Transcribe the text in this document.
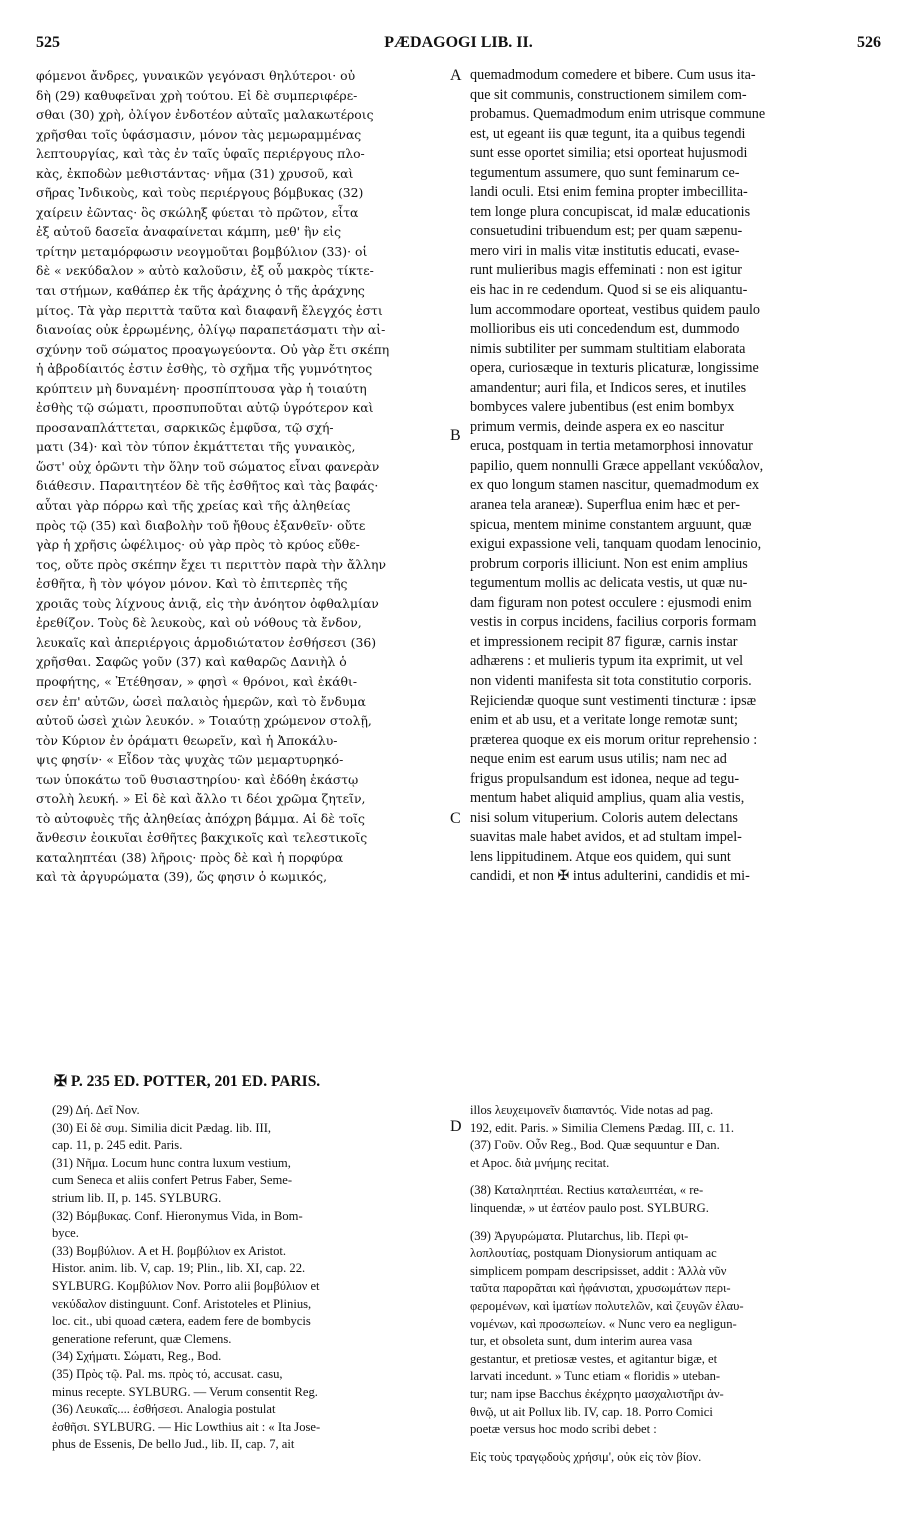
525	PÆDAGOGI LIB. II.	526
A
B
C
D
φόμενοι ἄνδρες, γυναικῶν γεγόνασι θηλύτεροι· οὐ
δὴ (29) καθυφεῖναι χρὴ τούτου. Εἰ δὲ συμπεριφέρε-
σθαι (30) χρὴ, ὀλίγον ἐνδοτέον αὐταῖς μαλακωτέροις
χρῆσθαι τοῖς ὑφάσμασιν, μόνον τὰς μεμωραμμένας
λεπτουργίας, καὶ τὰς ἐν ταῖς ὑφαῖς περιέργους πλο-
κὰς, ἐκποδὼν μεθιστάντας· νῆμα (31) χρυσοῦ, καὶ
σῆρας Ἰνδικοὺς, καὶ τοὺς περιέργους βόμβυκας (32)
χαίρειν ἐῶντας· ὃς σκώληξ φύεται τὸ πρῶτον, εἶτα
ἐξ αὐτοῦ δασεῖα ἀναφαίνεται κάμπη, μεθ' ἣν εἰς
τρίτην μεταμόρφωσιν νεογμοῦται βομβύλιον (33)· οἱ
δὲ « νεκύδαλον » αὐτὸ καλοῦσιν, ἐξ οὗ μακρὸς τίκτε-
ται στήμων, καθάπερ ἐκ τῆς ἀράχνης ὁ τῆς ἀράχνης
μίτος. Τὰ γὰρ περιττὰ ταῦτα καὶ διαφανῆ ἔλεγχός ἐστι
διανοίας οὐκ ἐρρωμένης, ὀλίγῳ παραπετάσματι τὴν αἰ-
σχύνην τοῦ σώματος προαγωγεύοντα. Οὐ γὰρ ἔτι σκέπη
ἡ ἀβροδίαιτός ἐστιν ἐσθὴς, τὸ σχῆμα τῆς γυμνότητος
κρύπτειν μὴ δυναμένη· προσπίπτουσα γὰρ ἡ τοιαύτη
ἐσθὴς τῷ σώματι, προσπυποῦται αὐτῷ ὑγρότερον καὶ
προσαναπλάττεται, σαρκικῶς ἐμφῦσα, τῷ σχή-
ματι (34)· καὶ τὸν τύπον ἐκμάττεται τῆς γυναικὸς,
ὥστ' οὐχ ὁρῶντι τὴν ὅλην τοῦ σώματος εἶναι φανερὰν
διάθεσιν. Παραιτητέον δὲ τῆς ἐσθῆτος καὶ τὰς βαφάς·
αὗται γὰρ πόρρω καὶ τῆς χρείας καὶ τῆς ἀληθείας
πρὸς τῷ (35) καὶ διαβολὴν τοῦ ἤθους ἐξανθεῖν· οὔτε
γὰρ ἡ χρῆσις ὠφέλιμος· οὐ γὰρ πρὸς τὸ κρύος εὔθε-
τος, οὔτε πρὸς σκέπην ἔχει τι περιττὸν παρὰ τὴν ἄλλην
ἐσθῆτα, ἢ τὸν ψόγον μόνον. Καὶ τὸ ἐπιτερπὲς τῆς
χροιᾶς τοὺς λίχνους ἀνιᾷ, εἰς τὴν ἀνόητον ὀφθαλμίαν
ἐρεθίζον. Τοὺς δὲ λευκοὺς, καὶ οὐ νόθους τὰ ἔνδον,
λευκαῖς καὶ ἀπεριέργοις ἁρμοδιώτατον ἐσθήσεσι (36)
χρῆσθαι. Σαφῶς γοῦν (37) καὶ καθαρῶς Δανιὴλ ὁ
προφήτης, « Ἐτέθησαν, » φησὶ « θρόνοι, καὶ ἐκάθι-
σεν ἐπ' αὐτῶν, ὡσεὶ παλαιὸς ἡμερῶν, καὶ τὸ ἔνδυμα
αὐτοῦ ὡσεὶ χιὼν λευκόν. » Τοιαύτῃ χρώμενον στολῇ,
τὸν Κύριον ἐν ὁράματι θεωρεῖν, καὶ ἡ Ἀποκάλυ-
ψις φησίν· « Εἶδον τὰς ψυχὰς τῶν μεμαρτυρηκό-
των ὑποκάτω τοῦ θυσιαστηρίου· καὶ ἐδόθη ἑκάστῳ
στολὴ λευκή. » Εἰ δὲ καὶ ἄλλο τι δέοι χρῶμα ζητεῖν,
τὸ αὐτοφυὲς τῆς ἀληθείας ἀπόχρη βάμμα. Αἱ δὲ τοῖς
ἄνθεσιν ἐοικυῖαι ἐσθῆτες βακχικοῖς καὶ τελεστικοῖς
καταληπτέαι (38) λῆροις· πρὸς δὲ καὶ ἡ πορφύρα
καὶ τὰ ἀργυρώματα (39), ὥς φησιν ὁ κωμικός,
quemadmodum comedere et bibere. Cum usus ita-
que sit communis, constructionem similem com-
probamus. Quemadmodum enim utrisque commune
est, ut egeant iis quæ tegunt, ita a quibus tegendi
sunt esse oportet similia; etsi oporteat hujusmodi
tegumentum assumere, quo sunt feminarum ce-
landi oculi. Etsi enim femina propter imbecillita-
tem longe plura concupiscat, id malæ educationis
consuetudini tribuendum est; per quam sæpenu-
mero viri in malis vitæ institutis educati, evase-
runt mulieribus magis effeminati : non est igitur
eis hac in re cedendum. Quod si se eis aliquantu-
lum accommodare oporteat, vestibus quidem paulo
mollioribus eis uti concedendum est, dummodo
nimis subtiliter per summam stultitiam elaborata
opera, curiosæque in texturis plicaturæ, longissime
amandentur; auri fila, et Indicos seres, et inutiles
bombyces valere jubentibus (est enim bombyx
primum vermis, deinde aspera ex eo nascitur
eruca, postquam in tertia metamorphosi innovatur
papilio, quem nonnulli Græce appellant νεκύδαλον,
ex quo longum stamen nascitur, quemadmodum ex
aranea tela araneæ). Superflua enim hæc et per-
spicua, mentem minime constantem arguunt, quæ
exigui expassione veli, tanquam quodam lenocinio,
probrum corporis illiciunt. Non est enim amplius
tegumentum mollis ac delicata vestis, ut quæ nu-
dam figuram non potest occulere : ejusmodi enim
vestis in corpus incidens, facilius corporis formam
et impressionem recipit 87 figuræ, carnis instar
adhærens : et mulieris typum ita exprimit, ut vel
non videnti manifesta sit tota constitutio corporis.
Rejiciendæ quoque sunt vestimenti tincturæ : ipsæ
enim et ab usu, et a veritate longe remotæ sunt;
præterea quoque ex eis morum oritur reprehensio :
neque enim est earum usus utilis; nam nec ad
frigus propulsandum est idonea, neque ad tegu-
mentum habet aliquid amplius, quam alia vestis,
nisi solum vituperium. Coloris autem delectans
suavitas male habet avidos, et ad stultam impel-
lens lippitudinem. Atque eos quidem, qui sunt
candidi, et non ✠ intus adulterini, candidis et mi-
✠ P. 235 ED. POTTER, 201 ED. PARIS.
(29) Δή. Δεῖ Nov.
(30) Εἰ δὲ συμ. Similia dicit Pædag. lib. III,
cap. 11, p. 245 edit. Paris.
(31) Νῆμα. Locum hunc contra luxum vestium,
cum Seneca et aliis confert Petrus Faber, Seme-
strium lib. II, p. 145. SYLBURG.
(32) Βόμβυκας. Conf. Hieronymus Vida, in Bom-
byce.
(33) Βομβύλιον. A et H. βομβύλιον ex Aristot.
Histor. anim. lib. V, cap. 19; Plin., lib. XI, cap. 22.
SYLBURG. Κομβύλιον Nov. Porro alii βομβύλιον et
νεκύδαλον distinguunt. Conf. Aristoteles et Plinius,
loc. cit., ubi quoad cætera, eadem fere de bombycis
generatione referunt, quæ Clemens.
(34) Σχήματι. Σώματι, Reg., Bod.
(35) Πρὸς τῷ. Pal. ms. πρὸς τό, accusat. casu,
minus recepte. SYLBURG. — Verum consentit Reg.
(36) Λευκαῖς.... ἐσθήσεσι. Analogia postulat
ἐσθῆσι. SYLBURG. — Hic Lowthius ait : « Ita Jose-
phus de Essenis, De bello Jud., lib. II, cap. 7, ait
illos λευχειμονεῖν διαπαντός. Vide notas ad pag.
192, edit. Paris. » Similia Clemens Pædag. III, c. 11.
(37) Γοῦν. Οὖν Reg., Bod. Quæ sequuntur e Dan.
et Apoc. διὰ μνήμης recitat.
(38) Καταληπτέαι. Rectius καταλειπτέαι, « re-
linquendæ, » ut ἐατέον paulo post. SYLBURG.
(39) Ἀργυρώματα. Plutarchus, lib. Περὶ φι-
λοπλουτίας, postquam Dionysiorum antiquam ac
simplicem pompam descripsisset, addit : Ἀλλὰ νῦν
ταῦτα παρορᾶται καὶ ἠφάνισται, χρυσωμάτων περι-
φερομένων, καὶ ἱματίων πολυτελῶν, καὶ ζευγῶν ἐλαυ-
νομένων, καὶ προσωπείων. « Nunc vero ea negligun-
tur, et obsoleta sunt, dum interim aurea vasa
gestantur, et pretiosæ vestes, et agitantur bigæ, et
larvati incedunt. » Tunc etiam « floridis » uteban-
tur; nam ipse Bacchus ἐκέχρητο μασχαλιστῆρι ἀν-
θινῷ, ut ait Pollux lib. IV, cap. 18. Porro Comici
poetæ versus hoc modo scribi debet :
Εἰς τοὺς τραγῳδοὺς χρήσιμ', οὐκ εἰς τὸν βίον.
